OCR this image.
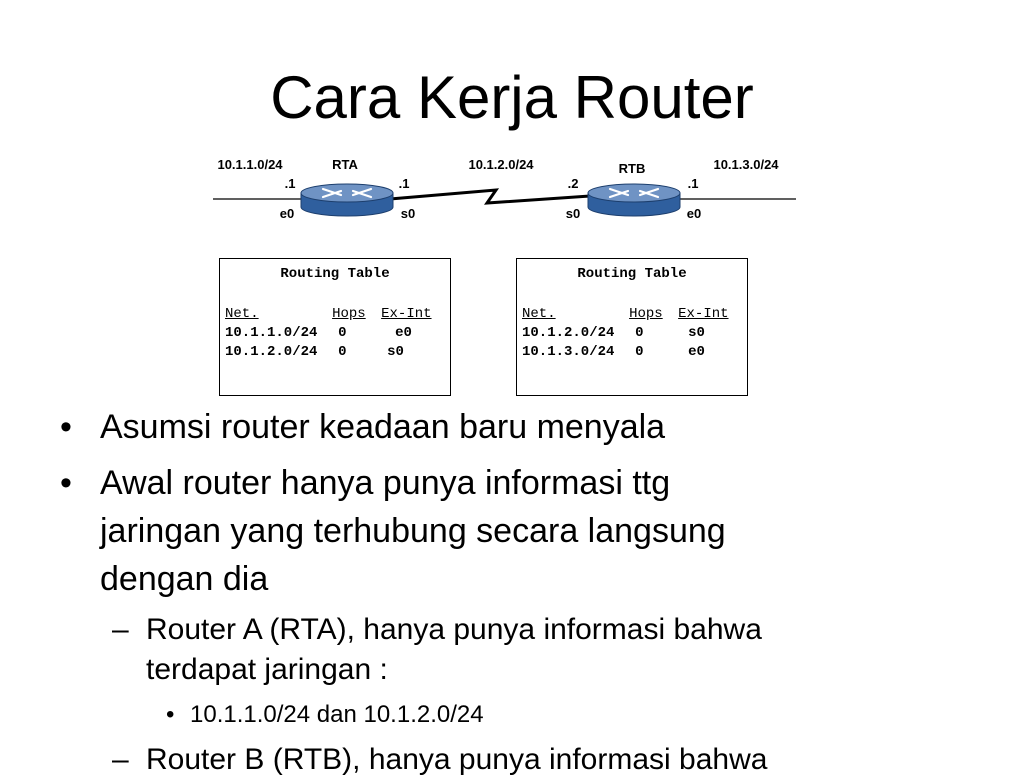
Cara Kerja Router
10.1.1.0/24	10.1.2.0/24	10.1.3.0/24
RTA	RTB
.1	.1	.2	.1
e0	s0	s0	e0
Routing Table
Net.	Hops	Ex-Int
10.1.1.0/24	0	e0
10.1.2.0/24	0	s0
Routing Table
Net.	Hops	Ex-Int
10.1.2.0/24	0	s0
10.1.3.0/24	0	e0
• Asumsi router keadaan baru menyala
• Awal router hanya punya informasi ttg
jaringan yang terhubung secara langsung
dengan dia
– Router A (RTA), hanya punya informasi bahwa
terdapat jaringan :
• 10.1.1.0/24 dan 10.1.2.0/24
– Router B (RTB), hanya punya informasi bahwa
